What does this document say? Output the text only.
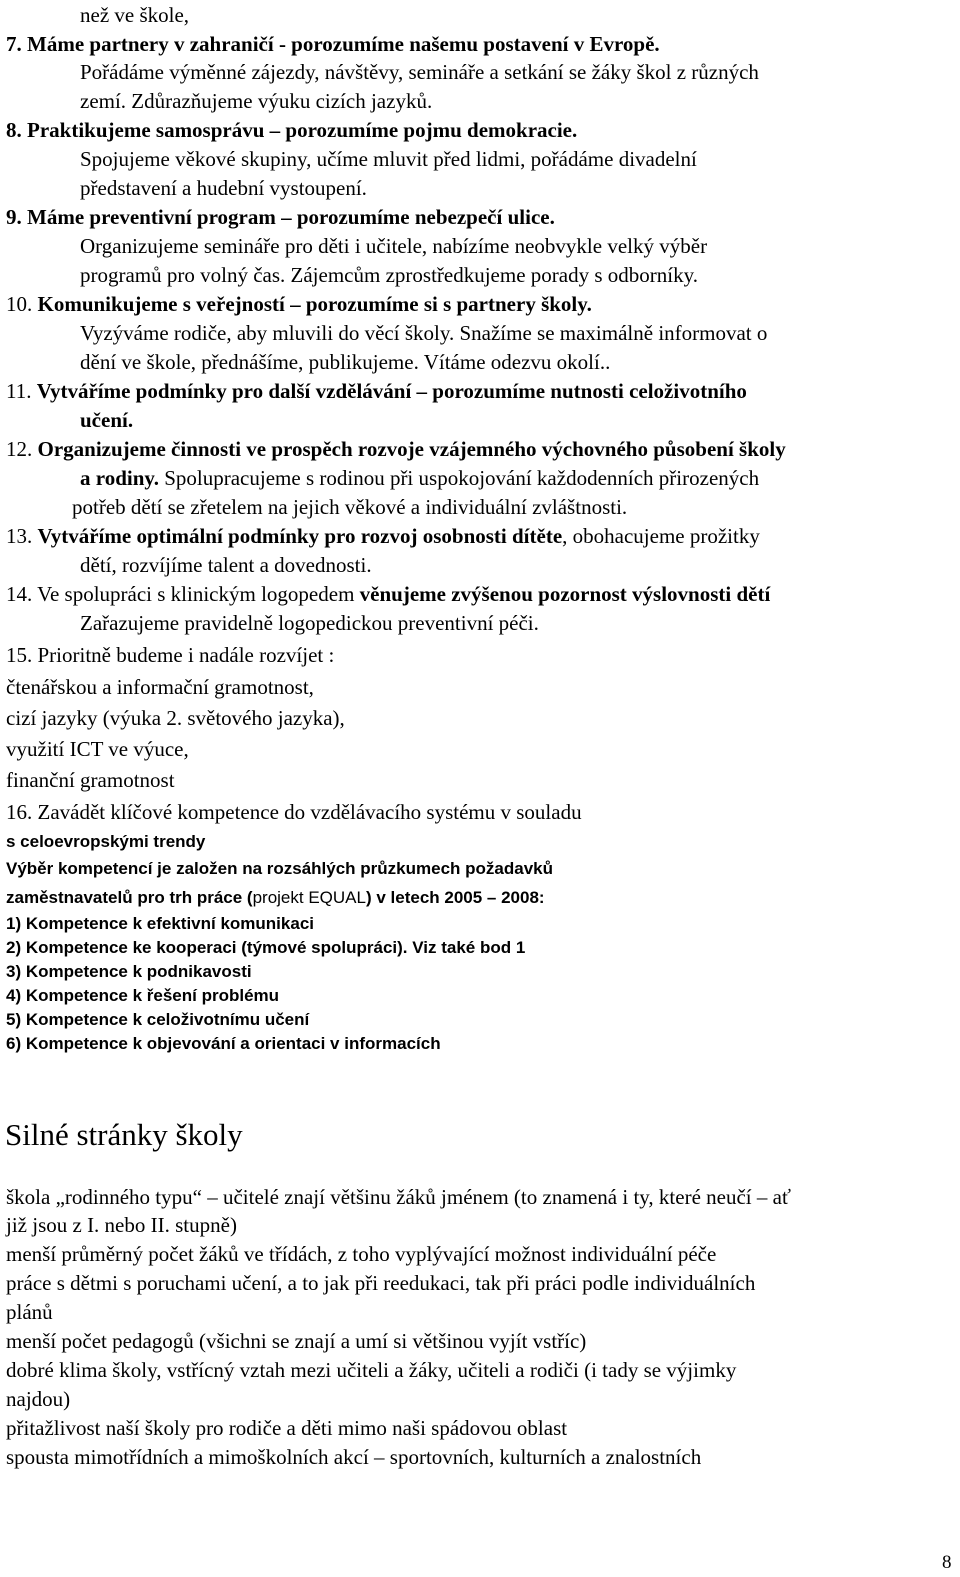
než ve škole,
7. Máme partnery v zahraničí - porozumíme našemu postavení v Evropě.
Pořádáme výměnné zájezdy, návštěvy, semináře a setkání se žáky škol z různých
zemí. Zdůrazňujeme výuku cizích jazyků.
8. Praktikujeme samosprávu – porozumíme pojmu demokracie.
Spojujeme věkové skupiny, učíme mluvit před lidmi, pořádáme divadelní
představení a hudební vystoupení.
9. Máme preventivní program – porozumíme nebezpečí ulice.
Organizujeme semináře pro děti i učitele, nabízíme neobvykle velký výběr
programů pro volný čas. Zájemcům zprostředkujeme porady s odborníky.
10. Komunikujeme s veřejností – porozumíme si s partnery školy.
Vyzýváme rodiče, aby mluvili do věcí školy. Snažíme se maximálně informovat o
dění ve škole, přednášíme, publikujeme. Vítáme odezvu okolí..
11. Vytváříme podmínky pro další vzdělávání – porozumíme nutnosti celoživotního
učení.
12. Organizujeme činnosti ve prospěch rozvoje vzájemného výchovného působení školy
a rodiny. Spolupracujeme s rodinou při uspokojování každodenních přirozených
potřeb dětí se zřetelem na jejich věkové a individuální zvláštnosti.
13. Vytváříme optimální podmínky pro rozvoj osobnosti dítěte, obohacujeme prožitky
dětí, rozvíjíme talent a dovednosti.
14. Ve spolupráci s klinickým logopedem věnujeme zvýšenou pozornost výslovnosti dětí
Zařazujeme pravidelně logopedickou preventivní péči.
15. Prioritně budeme i nadále rozvíjet :
čtenářskou a informační gramotnost,
cizí jazyky (výuka 2. světového jazyka),
využití ICT ve výuce,
finanční gramotnost
16. Zavádět klíčové kompetence do vzdělávacího systému v souladu
s celoevropskými trendy
Výběr kompetencí je založen na rozsáhlých průzkumech požadavků
zaměstnavatelů pro trh práce (projekt EQUAL) v letech 2005 – 2008:
1) Kompetence k efektivní komunikaci
2) Kompetence ke kooperaci (týmové spolupráci). Viz také bod 1
3) Kompetence k podnikavosti
4) Kompetence k řešení problému
5) Kompetence k celoživotnímu učení
6) Kompetence k objevování a orientaci v informacích
Silné stránky školy
škola „rodinného typu“ – učitelé znají většinu žáků jménem (to znamená i ty, které neučí – ať
již jsou z I. nebo II. stupně)
menší průměrný počet žáků ve třídách, z toho vyplývající možnost individuální péče
práce s dětmi s poruchami učení, a to jak při reedukaci, tak při práci podle individuálních
plánů
menší počet pedagogů (všichni se znají a umí si většinou vyjít vstříc)
dobré klima školy, vstřícný vztah mezi učiteli a žáky, učiteli a rodiči (i tady se výjimky
najdou)
přitažlivost naší školy pro rodiče a děti mimo naši spádovou oblast
spousta mimotřídních a mimoškolních akcí – sportovních, kulturních a znalostních
8
